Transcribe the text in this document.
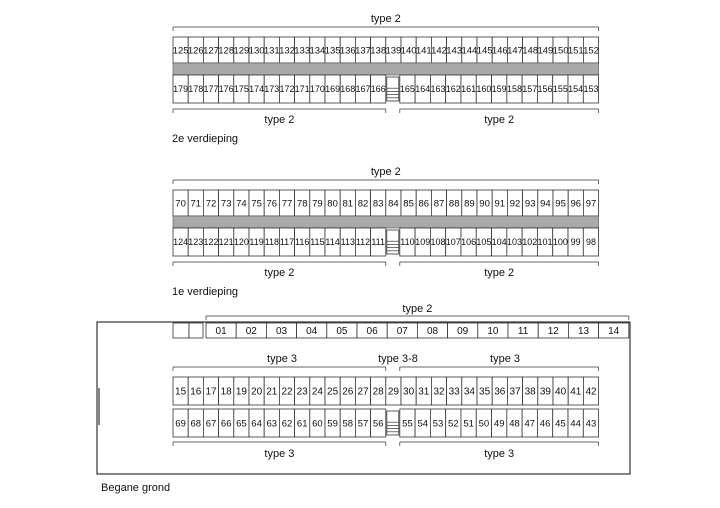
type 2
125 126 127 128 129 130 131 132 133 134 135 136 137 138 139 140 141 142 143 144 145 146 147 148 149 150 151 152
179 178 177 176 175 174 173 172 171 170 169 168 167 166 165 164 163 162 161 160 159 158 157 156 155 154 153
type 2	type 2
2e verdieping
type 2
70 71 72 73 74 75 76 77 78 79 80 81 82 83 84 85 86 87 88 89 90 91 92 93 94 95 96 97
124 123 122 121 120 119 118 117 116 115 114 113 112 111 110 109 108 107 106 105 104 103 102 101 100 99 98
type 2	type 2
1e verdieping
type 2
01 02 03 04 05 06 07 08 09 10 11 12 13 14
type 3	type 3-8	type 3
15 16 17 18 19 20 21 22 23 24 25 26 27 28 29 30 31 32 33 34 35 36 37 38 39 40 41 42
69 68 67 66 65 64 63 62 61 60 59 58 57 56 55 54 53 52 51 50 49 48 47 46 45 44 43
type 3	type 3
Begane grond
